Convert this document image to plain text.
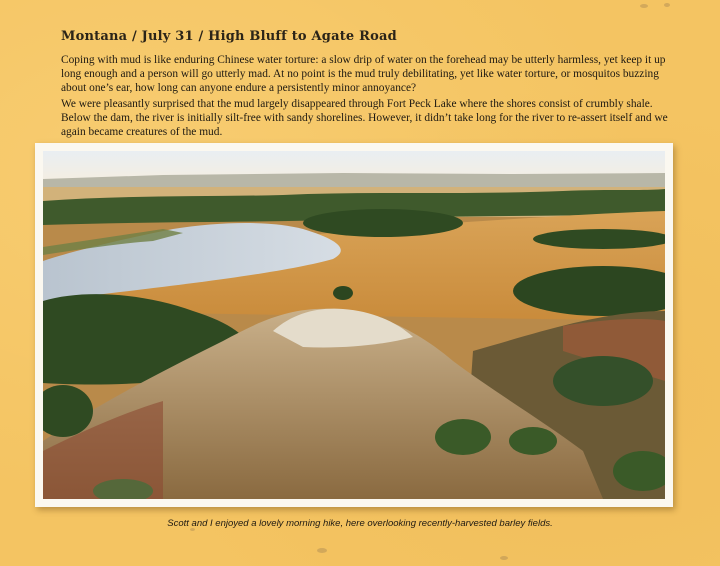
Montana / July 31 / High Bluff to Agate Road

Coping with mud is like enduring Chinese water torture: a slow drip of water on the forehead may be utterly harmless, yet keep it up long enough and a person will go utterly mad. At no point is the mud truly debilitating, yet like water torture, or mosquitos buzzing about one’s ear, how long can anyone endure a persistently minor annoyance?

We were pleasantly surprised that the mud largely disappeared through Fort Peck Lake where the shores consist of crumbly shale. Below the dam, the river is initially silt-free with sandy shorelines. However, it didn’t take long for the river to re-assert itself and we again became creatures of the mud.

Scott and I enjoyed a lovely morning hike, here overlooking recently-harvested barley fields.
